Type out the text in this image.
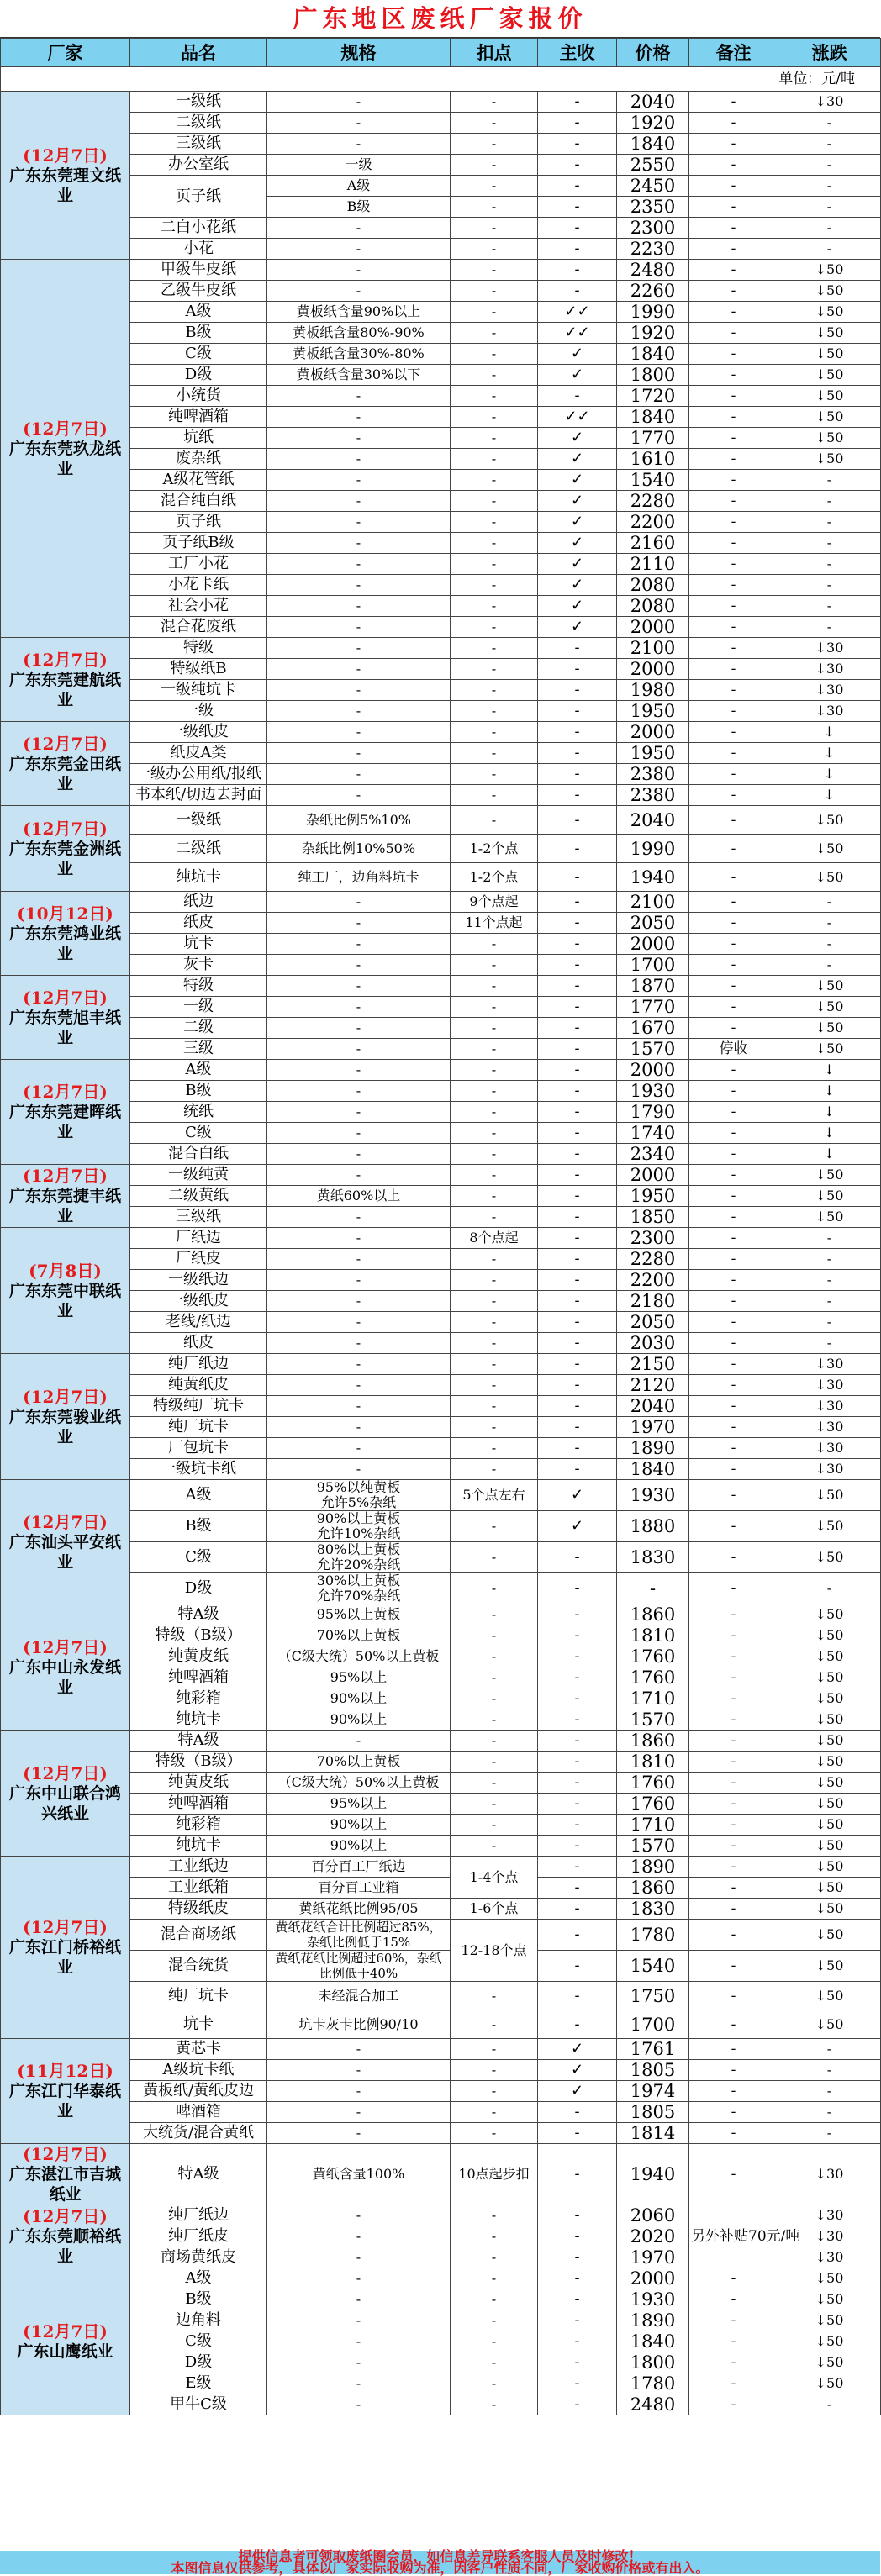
广东地区废纸厂家报价
厂家	品名	规格	扣点	主收	价格	备注	涨跌
单位：元/吨							

(12月7日)
广东东莞理文纸业	一级纸	-	-	-	2040	-	↓30
	二级纸	-	-	-	1920	-	-
	三级纸	-	-	-	1840	-	-
	办公室纸	一级	-	-	2550	-	-
	页子纸	A级	-	-	2450	-	-
		B级	-	-	2350	-	-
	二白小花纸	-	-	-	2300	-	-
	小花	-	-	-	2230	-	-

(12月7日)
广东东莞玖龙纸业	甲级牛皮纸	-	-	-	2480	-	↓50
	乙级牛皮纸	-	-	-	2260	-	↓50
	A级	黄板纸含量90%以上	-	✓✓	1990	-	↓50
	B级	黄板纸含量80%-90%	-	✓✓	1920	-	↓50
	C级	黄板纸含量30%-80%	-	✓	1840	-	↓50
	D级	黄板纸含量30%以下	-	✓	1800	-	↓50
	小统货	-	-	-	1720	-	↓50
	纯啤酒箱	-	-	✓✓	1840	-	↓50
	坑纸	-	-	✓	1770	-	↓50
	废杂纸	-	-	✓	1610	-	↓50
	A级花管纸	-	-	✓	1540	-	-
	混合纯白纸	-	-	✓	2280	-	-
	页子纸	-	-	✓	2200	-	-
	页子纸B级	-	-	✓	2160	-	-
	工厂小花	-	-	✓	2110	-	-
	小花卡纸	-	-	✓	2080	-	-
	社会小花	-	-	✓	2080	-	-
	混合花废纸	-	-	✓	2000	-	-

(12月7日)
广东东莞建航纸业	特级	-	-	-	2100	-	↓30
	特级纸B	-	-	-	2000	-	↓30
	一级纯坑卡	-	-	-	1980	-	↓30
	一级	-	-	-	1950	-	↓30

(12月7日)
广东东莞金田纸业	一级纸皮	-	-	-	2000	-	↓
	纸皮A类	-	-	-	1950	-	↓
	一级办公用纸/报纸	-	-	-	2380	-	↓
	书本纸/切边去封面	-	-	-	2380	-	↓

(12月7日)
广东东莞金洲纸业	一级纸	杂纸比例5%10%	-	-	2040	-	↓50
	二级纸	杂纸比例10%50%	1-2个点	-	1990	-	↓50
	纯坑卡	纯工厂，边角料坑卡	1-2个点	-	1940	-	↓50

(10月12日)
广东东莞鸿业纸业	纸边	-	9个点起	-	2100	-	-
	纸皮	-	11个点起	-	2050	-	-
	坑卡	-	-	-	2000	-	-
	灰卡	-	-	-	1700	-	-

(12月7日)
广东东莞旭丰纸业	特级	-	-	-	1870	-	↓50
	一级	-	-	-	1770	-	↓50
	二级	-	-	-	1670	-	↓50
	三级	-	-	-	1570	停收	↓50

(12月7日)
广东东莞建晖纸业	A级	-	-	-	2000	-	↓
	B级	-	-	-	1930	-	↓
	统纸	-	-	-	1790	-	↓
	C级	-	-	-	1740	-	↓
	混合白纸	-	-	-	2340	-	↓

(12月7日)
广东东莞捷丰纸业	一级纯黄	-	-	-	2000	-	↓50
	二级黄纸	黄纸60%以上	-	-	1950	-	↓50
	三级纸	-	-	-	1850	-	↓50

(7月8日)
广东东莞中联纸业	厂纸边	-	8个点起	-	2300	-	-
	厂纸皮	-	-	-	2280	-	-
	一级纸边	-	-	-	2200	-	-
	一级纸皮	-	-	-	2180	-	-
	老线/纸边	-	-	-	2050	-	-
	纸皮	-	-	-	2030	-	-

(12月7日)
广东东莞骏业纸业	纯厂纸边	-	-	-	2150	-	↓30
	纯黄纸皮	-	-	-	2120	-	↓30
	特级纯厂坑卡	-	-	-	2040	-	↓30
	纯厂坑卡	-	-	-	1970	-	↓30
	厂包坑卡	-	-	-	1890	-	↓30
	一级坑卡纸	-	-	-	1840	-	↓30

(12月7日)
广东汕头平安纸业	A级	95%以纯黄板
允许5%杂纸	5个点左右	✓	1930	-	↓50
	B级	90%以上黄板
允许10%杂纸	-	✓	1880	-	↓50
	C级	80%以上黄板
允许20%杂纸	-	-	1830	-	↓50
	D级	30%以上黄板
允许70%杂纸	-	-	-	-	-

(12月7日)
广东中山永发纸业	特A级	95%以上黄板	-	-	1860	-	↓50
	特级（B级）	70%以上黄板	-	-	1810	-	↓50
	纯黄皮纸	（C级大统）50%以上黄板	-	-	1760	-	↓50
	纯啤酒箱	95%以上	-	-	1760	-	↓50
	纯彩箱	90%以上	-	-	1710	-	↓50
	纯坑卡	90%以上	-	-	1570	-	↓50

(12月7日)
广东中山联合鸿兴纸业	特A级	-	-	-	1860	-	↓50
	特级（B级）	70%以上黄板	-	-	1810	-	↓50
	纯黄皮纸	（C级大统）50%以上黄板	-	-	1760	-	↓50
	纯啤酒箱	95%以上	-	-	1760	-	↓50
	纯彩箱	90%以上	-	-	1710	-	↓50
	纯坑卡	90%以上	-	-	1570	-	↓50

(12月7日)
广东江门桥裕纸业	工业纸边	百分百工厂纸边	1-4个点	-	1890	-	↓50
	工业纸箱	百分百工业箱		-	1860	-	↓50
	特级纸皮	黄纸花纸比例95/05	1-6个点	-	1830	-	↓50
	混合商场纸	黄纸花纸合计比例超过85%，杂纸比例低于15%	12-18个点	-	1780	-	↓50
	混合统货	黄纸花纸比例超过60%，杂纸比例低于40%		-	1540	-	↓50
	纯厂坑卡	未经混合加工	-	-	1750	-	↓50
	坑卡	坑卡灰卡比例90/10	-	-	1700	-	↓50

(11月12日)
广东江门华泰纸业	黄芯卡	-	-	✓	1761	-	-
	A级坑卡纸	-	-	✓	1805	-	-
	黄板纸/黄纸皮边	-	-	✓	1974	-	-
	啤酒箱	-	-	-	1805	-	-
	大统货/混合黄纸	-	-	-	1814	-	-

(12月7日)
广东湛江市吉城纸业	特A级	黄纸含量100%	10点起步扣	-	1940	-	↓30

(12月7日)
广东东莞顺裕纸业	纯厂纸边	-	-	-	2060	另外补贴70元/吨	↓30
	纯厂纸皮	-	-	-	2020		↓30
	商场黄纸皮	-	-	-	1970		↓30

(12月7日)
广东山鹰纸业	A级	-	-	-	2000	-	↓50
	B级	-	-	-	1930	-	↓50
	边角料	-	-	-	1890	-	↓50
	C级	-	-	-	1840	-	↓50
	D级	-	-	-	1800	-	↓50
	E级	-	-	-	1780	-	↓50
	甲牛C级	-	-	-	2480	-	-
提供信息者可领取废纸圈会员，如信息差异联系客服人员及时修改！
本图信息仅供参考，具体以厂家实际收购为准，因客户性质不同，厂家收购价格或有出入。
